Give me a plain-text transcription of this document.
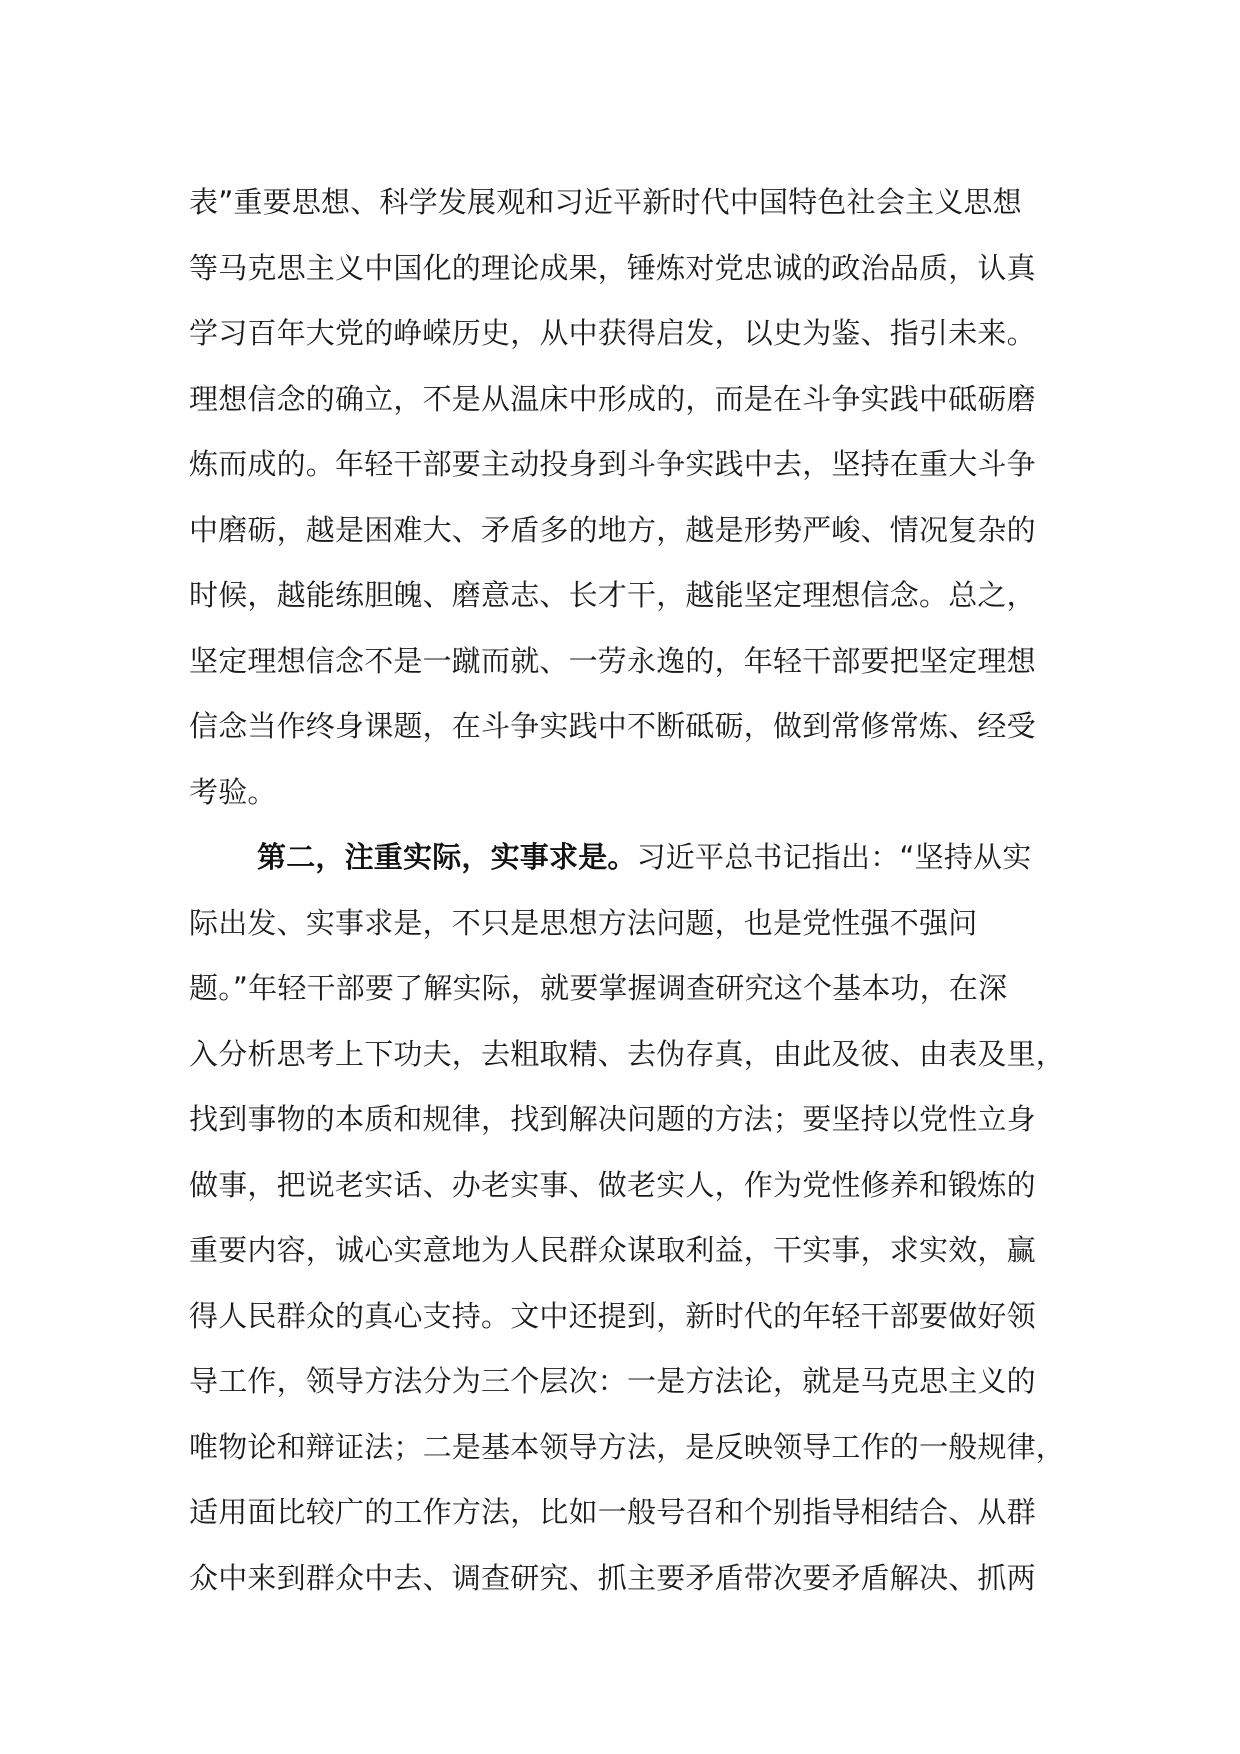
表”重要思想、科学发展观和习近平新时代中国特色社会主义思想
等马克思主义中国化的理论成果，锤炼对党忠诚的政治品质，认真
学习百年大党的峥嵘历史，从中获得启发，以史为鉴、指引未来。
理想信念的确立，不是从温床中形成的，而是在斗争实践中砥砺磨
炼而成的。年轻干部要主动投身到斗争实践中去，坚持在重大斗争
中磨砺，越是困难大、矛盾多的地方，越是形势严峻、情况复杂的
时候，越能练胆魄、磨意志、长才干，越能坚定理想信念。总之，
坚定理想信念不是一蹴而就、一劳永逸的，年轻干部要把坚定理想
信念当作终身课题，在斗争实践中不断砥砺，做到常修常炼、经受
考验。
第二，注重实际，实事求是。习近平总书记指出：“坚持从实
际出发、实事求是，不只是思想方法问题，也是党性强不强问
题。”年轻干部要了解实际，就要掌握调查研究这个基本功，在深
入分析思考上下功夫，去粗取精、去伪存真，由此及彼、由表及里，
找到事物的本质和规律，找到解决问题的方法；要坚持以党性立身
做事，把说老实话、办老实事、做老实人，作为党性修养和锻炼的
重要内容，诚心实意地为人民群众谋取利益，干实事，求实效，赢
得人民群众的真心支持。文中还提到，新时代的年轻干部要做好领
导工作，领导方法分为三个层次：一是方法论，就是马克思主义的
唯物论和辩证法；二是基本领导方法，是反映领导工作的一般规律，
适用面比较广的工作方法，比如一般号召和个别指导相结合、从群
众中来到群众中去、调查研究、抓主要矛盾带次要矛盾解决、抓两
